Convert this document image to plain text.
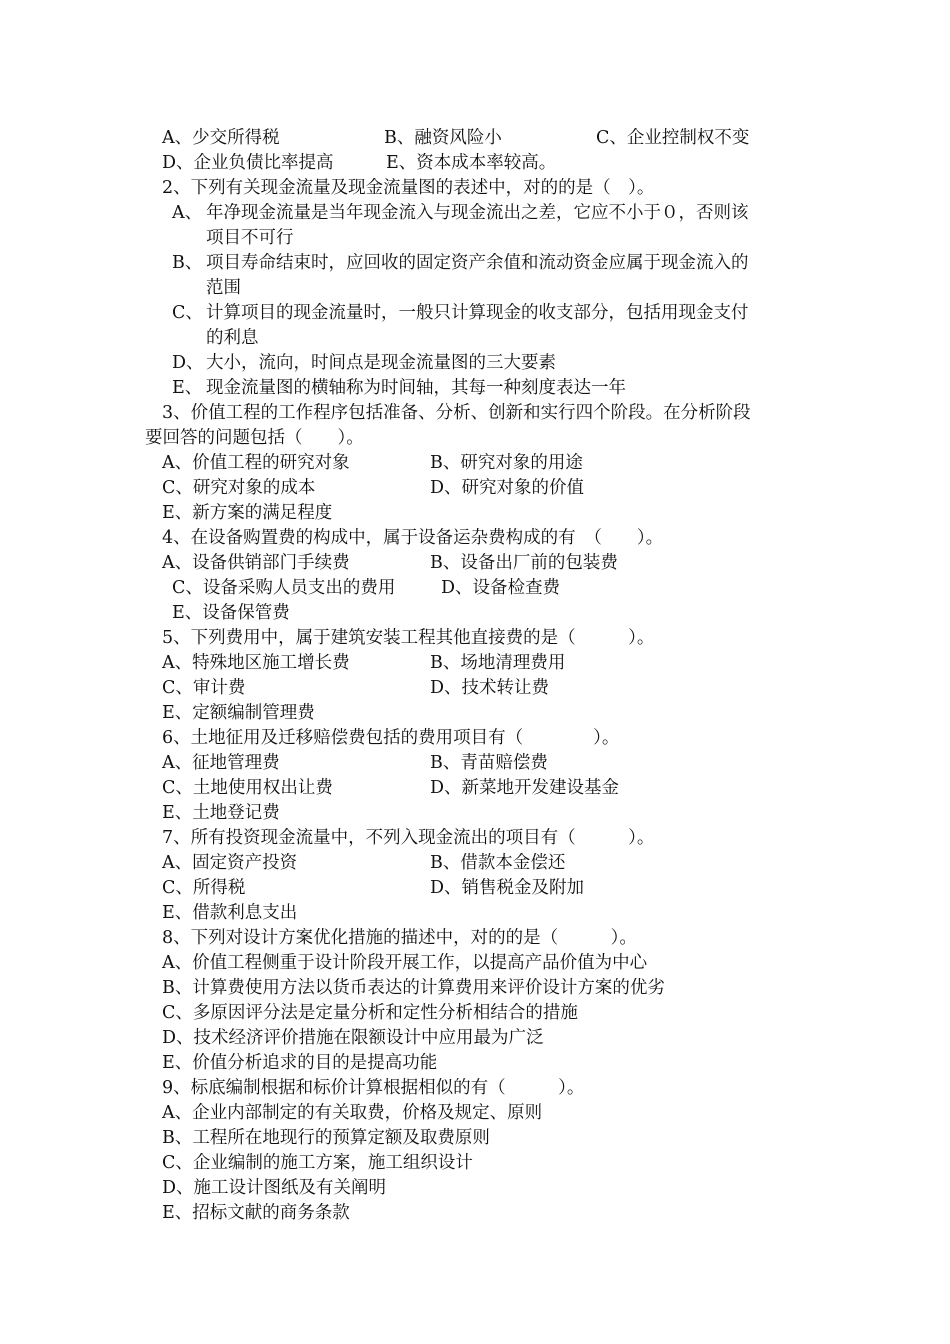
A、少交所得税	B、融资风险小	C、企业控制权不变
D、企业负债比率提高	E、资本成本率较高。
2、下列有关现金流量及现金流量图的表述中，对的的是（　）。
A、 年净现金流量是当年现金流入与现金流出之差，它应不小于０，否则该
项目不可行
B、 项目寿命结束时，应回收的固定资产余值和流动资金应属于现金流入的
范围
C、 计算项目的现金流量时，一般只计算现金的收支部分，包括用现金支付
的利息
D、 大小，流向，时间点是现金流量图的三大要素
E、 现金流量图的横轴称为时间轴，其每一种刻度表达一年
3、价值工程的工作程序包括准备、分析、创新和实行四个阶段。在分析阶段
要回答的问题包括（　　）。
A、价值工程的研究对象	B、研究对象的用途
C、研究对象的成本	D、研究对象的价值
E、新方案的满足程度
4、在设备购置费的构成中，属于设备运杂费构成的有　（　　）。
A、设备供销部门手续费	B、设备出厂前的包装费
C、设备采购人员支出的费用	D、设备检查费
E、设备保管费
5、下列费用中，属于建筑安装工程其他直接费的是（　　　）。
A、特殊地区施工增长费	B、场地清理费用
C、审计费	D、技术转让费
E、定额编制管理费
6、土地征用及迁移赔偿费包括的费用项目有（　　　　）。
A、征地管理费	B、青苗赔偿费
C、土地使用权出让费	D、新菜地开发建设基金
E、土地登记费
7、所有投资现金流量中，不列入现金流出的项目有（　　　）。
A、固定资产投资	B、借款本金偿还
C、所得税	D、销售税金及附加
E、借款利息支出
8、下列对设计方案优化措施的描述中，对的的是（　　　）。
A、价值工程侧重于设计阶段开展工作，以提高产品价值为中心
B、计算费使用方法以货币表达的计算费用来评价设计方案的优劣
C、多原因评分法是定量分析和定性分析相结合的措施
D、技术经济评价措施在限额设计中应用最为广泛
E、价值分析追求的目的是提高功能
9、标底编制根据和标价计算根据相似的有（　　　）。
A、企业内部制定的有关取费，价格及规定、原则
B、工程所在地现行的预算定额及取费原则
C、企业编制的施工方案，施工组织设计
D、施工设计图纸及有关阐明
E、招标文献的商务条款
